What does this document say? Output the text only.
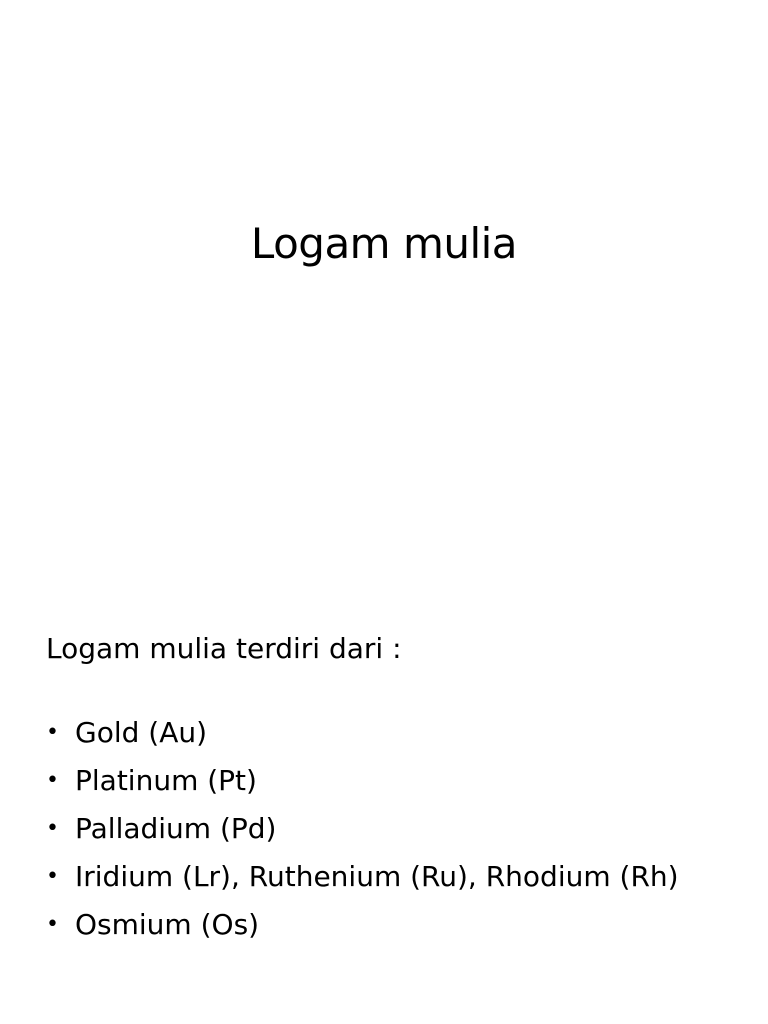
Logam mulia
Logam mulia terdiri dari :
• Gold (Au)
• Platinum (Pt)
• Palladium (Pd)
• Iridium (Lr), Ruthenium (Ru), Rhodium (Rh)
• Osmium (Os)
